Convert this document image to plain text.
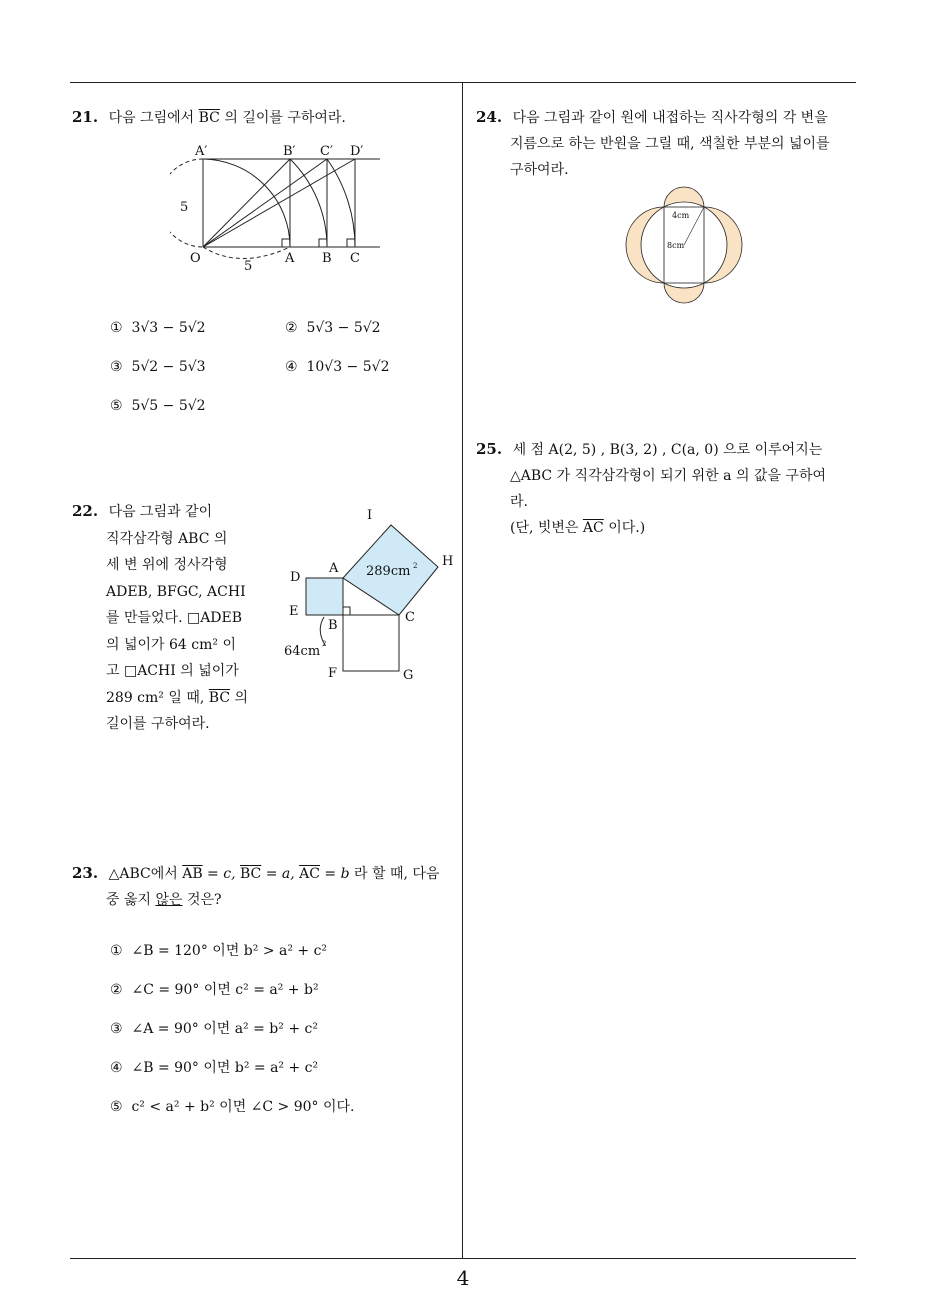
21. 다음 그림에서 $\overline{BC}$ 의 길이를 구하여라.
A′	B′ C′ D′
O	A B C
5
5
① 3√3 − 5√2	② 5√3 − 5√2
③ 5√2 − 5√3	④ 10√3 − 5√2
⑤ 5√5 − 5√2
22. 다음 그림과 같이
직각삼각형 ABC 의
세 변 위에 정사각형
ADEB, BFGC, ACHI
를 만들었다. □ADEB
의 넓이가 64 cm² 이
고 □ACHI 의 넓이가
289 cm² 일 때, $\overline{BC}$ 의
길이를 구하여라.
I
H
A
D
E
B
C
F	G
289cm
64cm
2
2
23. △ABC에서 $\overline{AB} = c$, $\overline{BC} = a$, $\overline{AC} = b$ 라 할 때, 다음
중 옳지 않은 것은?
① ∠B = 120° 이면 b² > a² + c²
② ∠C = 90° 이면 c² = a² + b²
③ ∠A = 90° 이면 a² = b² + c²
④ ∠B = 90° 이면 b² = a² + c²
⑤ c² < a² + b² 이면 ∠C > 90° 이다.
24. 다음 그림과 같이 원에 내접하는 직사각형의 각 변을
지름으로 하는 반원을 그릴 때, 색칠한 부분의 넓이를
구하여라.
4cm
8cm
25. 세 점 A(2, 5) , B(3, 2) , C(a, 0) 으로 이루어지는
△ABC 가 직각삼각형이 되기 위한 a 의 값을 구하여
라.
(단, 빗변은 $\overline{AC}$ 이다.)
4
